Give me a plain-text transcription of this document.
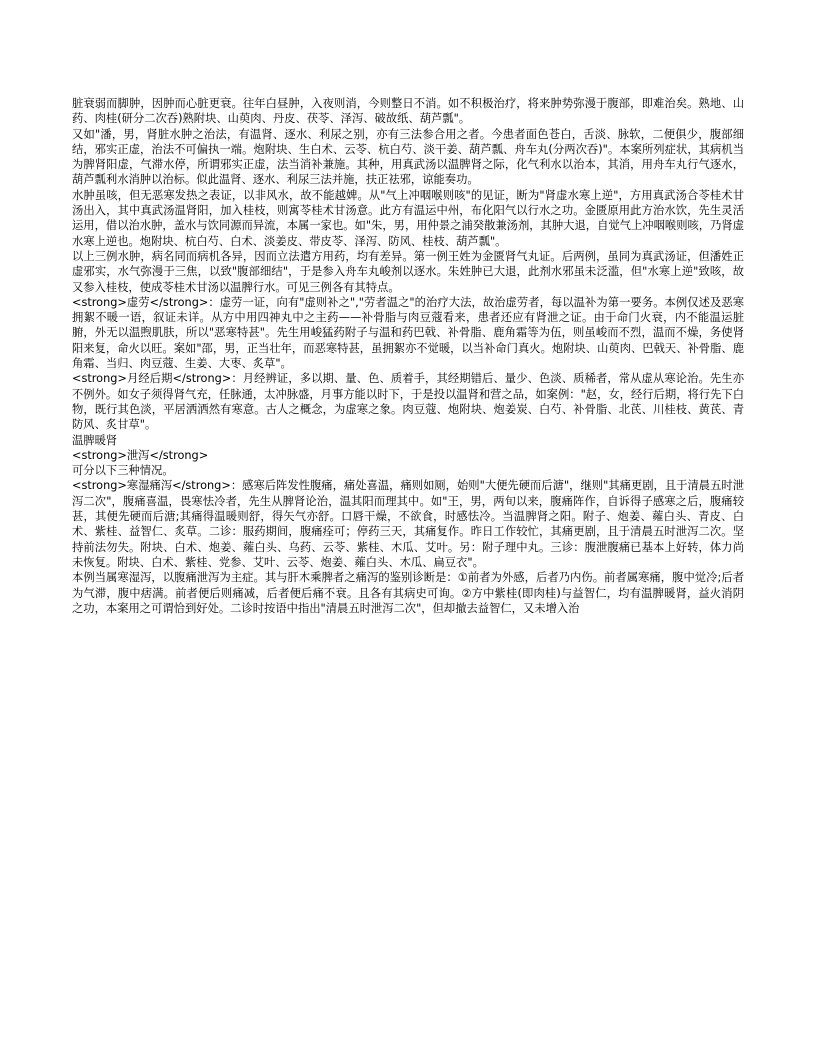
脏衰弱而脚肿，因肿而心脏更衰。往年白昼肿，入夜则消，今则整日不消。如不积极治疗，将来肿势弥漫于腹部，即难治矣。熟地、山药、肉桂(研分二次吞)熟附块、山萸肉、丹皮、茯苓、泽泻、破故纸、葫芦瓢"。

又如"潘，男，肾脏水肿之治法，有温肾、逐水、利尿之别，亦有三法参合用之者。今患者面色苍白，舌淡、脉软，二便俱少，腹部细结，邪实正虚，治法不可偏执一端。炮附块、生白术、云苓、杭白芍、淡干姜、葫芦瓢、舟车丸(分两次吞)"。本案所列症状，其病机当为脾肾阳虚，气滞水停，所谓邪实正虚，法当消补兼施。其种，用真武汤以温脾肾之际，化气利水以治本，其消，用舟车丸行气逐水，葫芦瓢利水消肿以治标。似此温肾、逐水、利尿三法并施，扶正祛邪，谅能奏功。

水肿虽咳，但无恶寒发热之表证，以非风水，故不能越婢。从"气上冲咽喉则咳"的见证，断为"肾虚水寒上逆"，方用真武汤合苓桂术甘汤出入，其中真武汤温肾阳，加入桂枝，则寓苓桂术甘汤意。此方有温运中州，布化阳气以行水之功。金匮原用此方治水饮，先生灵活运用，借以治水肿，盖水与饮同源而异流，本属一家也。如"朱，男，用仲景之浦癸散兼汤剂，其肿大退，自觉气上冲咽喉则咳，乃肾虚水寒上逆也。炮附块、杭白芍、白术、淡姜皮、带皮苓、泽泻、防风、桂枝、葫芦瓢"。

以上三例水肿，病名同而病机各异，因而立法遣方用药，均有差异。第一例王姓为金匮肾气丸证。后两例，虽同为真武汤证，但潘姓正虚邪实，水气弥漫于三焦，以致"腹部细结"，于是参入舟车丸峻剂以逐水。朱姓肿已大退，此剂水邪虽未泛滥，但"水寒上逆"致咳，故又参入桂枝，使成苓桂术甘汤以温脾行水。可见三例各有其特点。

<strong>虚劳</strong>：虚劳一证，向有"虚则补之","劳者温之"的治疗大法，故治虚劳者，每以温补为第一要务。本例仅述及恶寒拥絮不暖一语，叙证未详。从方中用四神丸中之主药——补骨脂与肉豆蔻看来，患者还应有肾泄之证。由于命门火衰，内不能温运脏腑，外无以温煦肌肤，所以"恶寒特甚"。先生用峻猛药附子与温和药巴戟、补骨脂、鹿角霜等为伍，则虽峻而不烈，温而不燥，务使肾阳来复，命火以旺。案如"邵，男，正当壮年，而恶寒特甚，虽拥絮亦不觉暖，以当补命门真火。炮附块、山萸肉、巴戟天、补骨脂、鹿角霜、当归、肉豆蔻、生姜、大枣、炙草"。

<strong>月经后期</strong>：月经辨证，多以期、量、色、质着手，其经期错后、量少、色淡、质稀者，常从虚从寒论治。先生亦不例外。如女子须得肾气充，任脉通，太冲脉盛，月事方能以时下，于是投以温肾和营之品，如案例："赵，女，经行后期，将行先下白物，既行其色淡，平居洒洒然有寒意。古人之概念，为虚寒之象。肉豆蔻、炮附块、炮姜炭、白芍、补骨脂、北芪、川桂枝、黄芪、青防风、炙甘草"。

温脾暖肾

<strong>泄泻</strong>

可分以下三种情况。

<strong>寒湿痛泻</strong>：感寒后阵发性腹痛，痛处喜温，痛则如厕，始则"大便先硬而后溏"，继则"其痛更剧，且于清晨五时泄泻二次"，腹痛喜温，畏寒怯冷者，先生从脾肾论治，温其阳而理其中。如"王，男，两旬以来，腹痛阵作，自诉得子感寒之后，腹痛较甚，其便先硬而后溏;其痛得温暖则舒，得矢气亦舒。口唇干燥，不欲食，时感怯冷。当温脾肾之阳。附子、炮姜、蕹白头、青皮、白术、紫桂、益智仁、炙草。二诊：服药期间，腹痛痊可；停药三天，其痛复作。昨日工作较忙，其痛更剧，且于清晨五时泄泻二次。坚持前法勿失。附块、白术、炮姜、蕹白头、乌药、云苓、紫桂、木瓜、艾叶。另：附子理中丸。三诊：腹泄腹痛已基本上好转，体力尚未恢复。附块、白术、紫桂、党参、艾叶、云苓、炮姜、蕹白头、木瓜、扁豆衣"。

本例当属寒湿泻，以腹痛泄泻为主症。其与肝木乘脾者之痛泻的鉴别诊断是：①前者为外感，后者乃内伤。前者属寒痛，腹中觉冷;后者为气滞，腹中痞满。前者便后则痛减，后者便后痛不衰。且各有其病史可询。②方中紫桂(即肉桂)与益智仁，均有温脾暖肾，益火消阴之功，本案用之可谓恰到好处。二诊时按语中指出"清晨五时泄泻二次"，但却撤去益智仁，又未增入治
